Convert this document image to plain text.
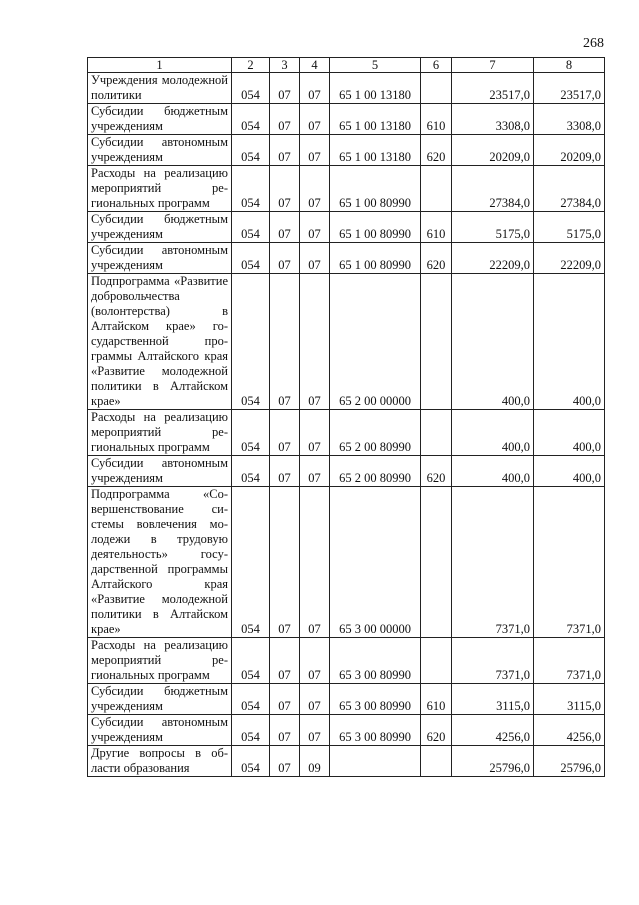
268
1	2	3	4	5	6	7	8
Учреждения молодежной политики	054	07	07	65 1 00 13180		23517,0	23517,0
Субсидии бюджетным учреждениям	054	07	07	65 1 00 13180	610	3308,0	3308,0
Субсидии автономным учреждениям	054	07	07	65 1 00 13180	620	20209,0	20209,0
Расходы на реализацию мероприятий региональных программ	054	07	07	65 1 00 80990		27384,0	27384,0
Субсидии бюджетным учреждениям	054	07	07	65 1 00 80990	610	5175,0	5175,0
Субсидии автономным учреждениям	054	07	07	65 1 00 80990	620	22209,0	22209,0
Подпрограмма «Развитие добровольчества (волонтерства) в Алтайском крае» государственной программы Алтайского края «Развитие молодежной политики в Алтайском крае»	054	07	07	65 2 00 00000		400,0	400,0
Расходы на реализацию мероприятий региональных программ	054	07	07	65 2 00 80990		400,0	400,0
Субсидии автономным учреждениям	054	07	07	65 2 00 80990	620	400,0	400,0
Подпрограмма «Совершенствование системы вовлечения молодежи в трудовую деятельность» государственной программы Алтайского края «Развитие молодежной политики в Алтайском крае»	054	07	07	65 3 00 00000		7371,0	7371,0
Расходы на реализацию мероприятий региональных программ	054	07	07	65 3 00 80990		7371,0	7371,0
Субсидии бюджетным учреждениям	054	07	07	65 3 00 80990	610	3115,0	3115,0
Субсидии автономным учреждениям	054	07	07	65 3 00 80990	620	4256,0	4256,0
Другие вопросы в области образования	054	07	09			25796,0	25796,0
